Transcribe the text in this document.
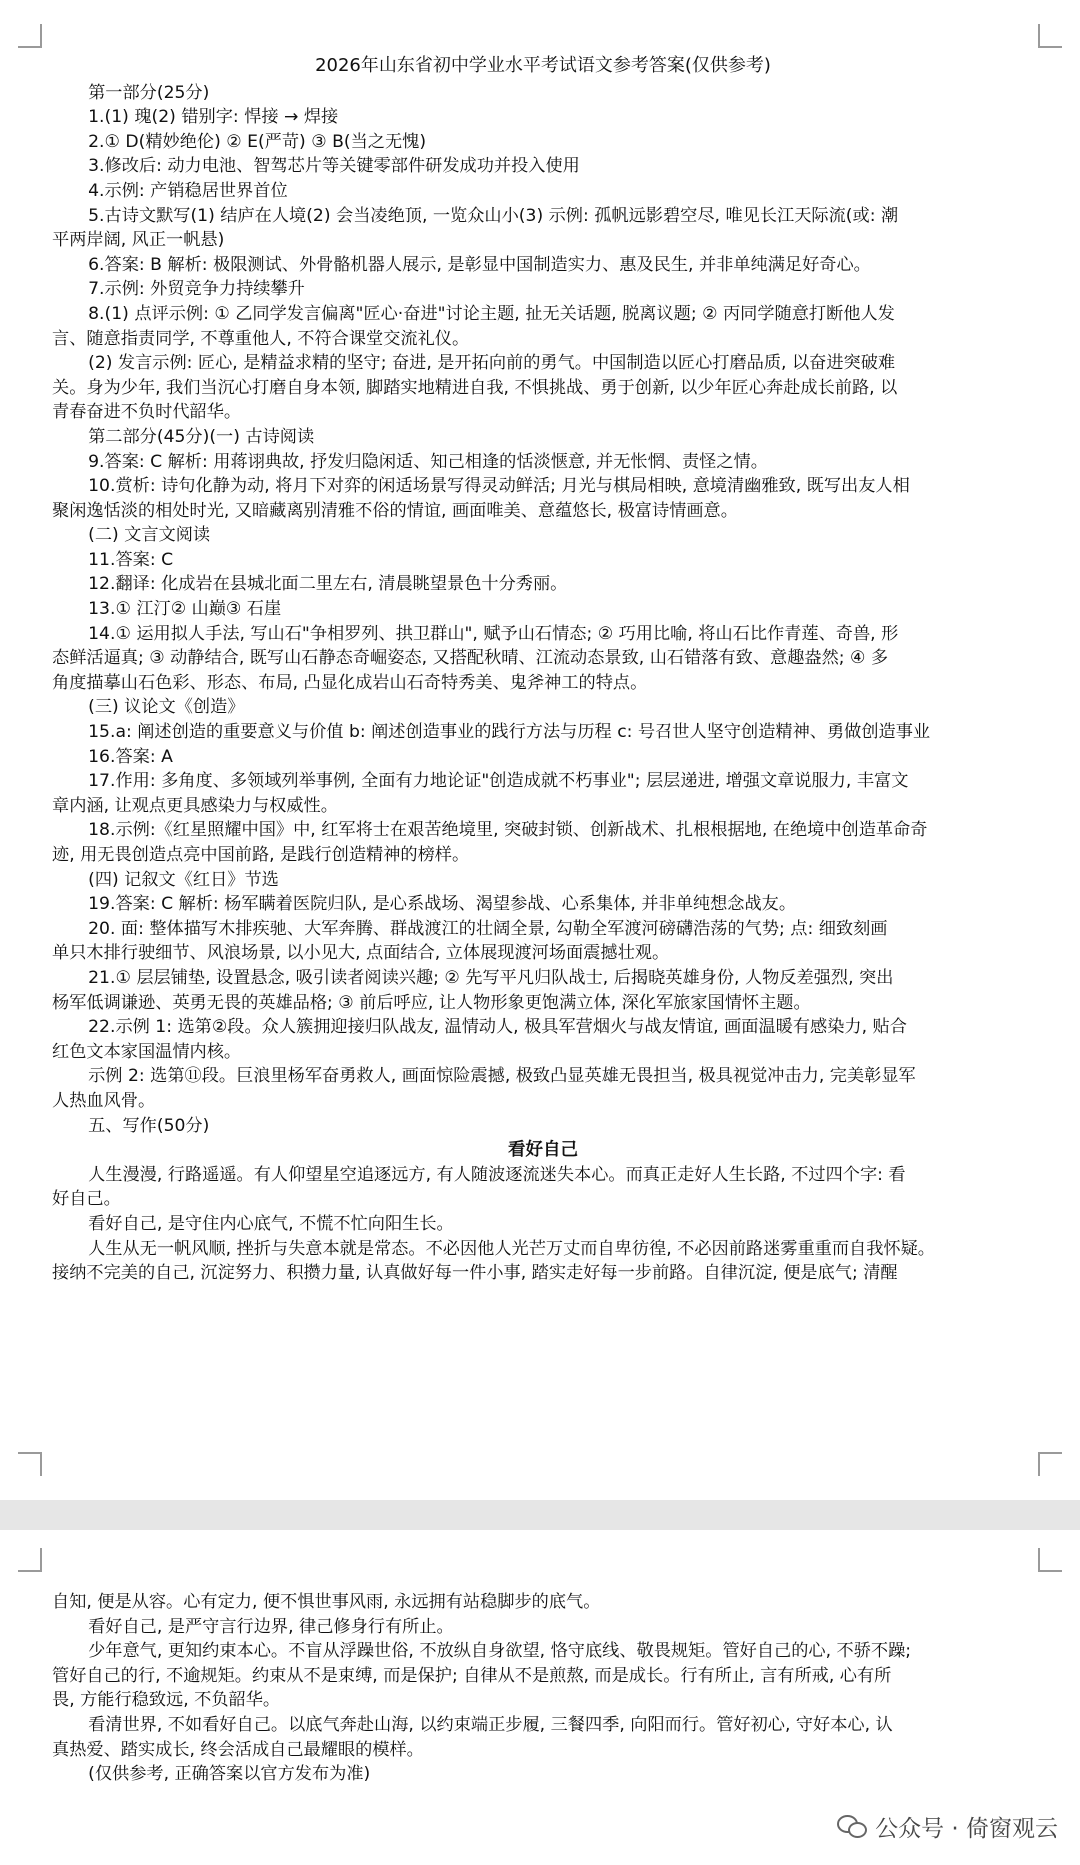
2026年山东省初中学业水平考试语文参考答案(仅供参考)

第一部分(25分)

1.(1) 瑰(2) 错别字: 悍接 → 焊接

2.① D(精妙绝伦) ② E(严苛) ③ B(当之无愧)

3.修改后: 动力电池、智驾芯片等关键零部件研发成功并投入使用

4.示例: 产销稳居世界首位

5.古诗文默写(1) 结庐在人境(2) 会当凌绝顶, 一览众山小(3) 示例: 孤帆远影碧空尽, 唯见长江天际流(或: 潮

平两岸阔, 风正一帆悬)

6.答案: B 解析: 极限测试、外骨骼机器人展示, 是彰显中国制造实力、惠及民生, 并非单纯满足好奇心。

7.示例: 外贸竞争力持续攀升

8.(1) 点评示例: ① 乙同学发言偏离"匠心·奋进"讨论主题, 扯无关话题, 脱离议题; ② 丙同学随意打断他人发

言、随意指责同学, 不尊重他人, 不符合课堂交流礼仪。

(2) 发言示例: 匠心, 是精益求精的坚守; 奋进, 是开拓向前的勇气。中国制造以匠心打磨品质, 以奋进突破难

关。身为少年, 我们当沉心打磨自身本领, 脚踏实地精进自我, 不惧挑战、勇于创新, 以少年匠心奔赴成长前路, 以

青春奋进不负时代韶华。

第二部分(45分)(一) 古诗阅读

9.答案: C 解析: 用蒋诩典故, 抒发归隐闲适、知己相逢的恬淡惬意, 并无怅惘、责怪之情。

10.赏析: 诗句化静为动, 将月下对弈的闲适场景写得灵动鲜活; 月光与棋局相映, 意境清幽雅致, 既写出友人相

聚闲逸恬淡的相处时光, 又暗藏离别清雅不俗的情谊, 画面唯美、意蕴悠长, 极富诗情画意。

(二) 文言文阅读

11.答案: C

12.翻译: 化成岩在县城北面二里左右, 清晨眺望景色十分秀丽。

13.① 江汀② 山巅③ 石崖

14.① 运用拟人手法, 写山石"争相罗列、拱卫群山", 赋予山石情态; ② 巧用比喻, 将山石比作青莲、奇兽, 形

态鲜活逼真; ③ 动静结合, 既写山石静态奇崛姿态, 又搭配秋晴、江流动态景致, 山石错落有致、意趣盎然; ④ 多

角度描摹山石色彩、形态、布局, 凸显化成岩山石奇特秀美、鬼斧神工的特点。

(三) 议论文《创造》

15.a: 阐述创造的重要意义与价值 b: 阐述创造事业的践行方法与历程 c: 号召世人坚守创造精神、勇做创造事业

16.答案: A

17.作用: 多角度、多领域列举事例, 全面有力地论证"创造成就不朽事业"; 层层递进, 增强文章说服力, 丰富文

章内涵, 让观点更具感染力与权威性。

18.示例:《红星照耀中国》中, 红军将士在艰苦绝境里, 突破封锁、创新战术、扎根根据地, 在绝境中创造革命奇

迹, 用无畏创造点亮中国前路, 是践行创造精神的榜样。

(四) 记叙文《红日》节选

19.答案: C 解析: 杨军瞒着医院归队, 是心系战场、渴望参战、心系集体, 并非单纯想念战友。

20. 面: 整体描写木排疾驰、大军奔腾、群战渡江的壮阔全景, 勾勒全军渡河磅礴浩荡的气势; 点: 细致刻画

单只木排行驶细节、风浪场景, 以小见大, 点面结合, 立体展现渡河场面震撼壮观。

21.① 层层铺垫, 设置悬念, 吸引读者阅读兴趣; ② 先写平凡归队战士, 后揭晓英雄身份, 人物反差强烈, 突出

杨军低调谦逊、英勇无畏的英雄品格; ③ 前后呼应, 让人物形象更饱满立体, 深化军旅家国情怀主题。

22.示例 1: 选第②段。众人簇拥迎接归队战友, 温情动人, 极具军营烟火与战友情谊, 画面温暖有感染力, 贴合

红色文本家国温情内核。

示例 2: 选第⑪段。巨浪里杨军奋勇救人, 画面惊险震撼, 极致凸显英雄无畏担当, 极具视觉冲击力, 完美彰显军

人热血风骨。

五、写作(50分)

看好自己

人生漫漫, 行路遥遥。有人仰望星空追逐远方, 有人随波逐流迷失本心。而真正走好人生长路, 不过四个字: 看

好自己。

看好自己, 是守住内心底气, 不慌不忙向阳生长。

人生从无一帆风顺, 挫折与失意本就是常态。不必因他人光芒万丈而自卑彷徨, 不必因前路迷雾重重而自我怀疑。

接纳不完美的自己, 沉淀努力、积攒力量, 认真做好每一件小事, 踏实走好每一步前路。自律沉淀, 便是底气; 清醒

自知, 便是从容。心有定力, 便不惧世事风雨, 永远拥有站稳脚步的底气。

看好自己, 是严守言行边界, 律己修身行有所止。

少年意气, 更知约束本心。不盲从浮躁世俗, 不放纵自身欲望, 恪守底线、敬畏规矩。管好自己的心, 不骄不躁;

管好自己的行, 不逾规矩。约束从不是束缚, 而是保护; 自律从不是煎熬, 而是成长。行有所止, 言有所戒, 心有所

畏, 方能行稳致远, 不负韶华。

看清世界, 不如看好自己。以底气奔赴山海, 以约束端正步履, 三餐四季, 向阳而行。管好初心, 守好本心, 认

真热爱、踏实成长, 终会活成自己最耀眼的模样。

(仅供参考, 正确答案以官方发布为准)

公众号 · 倚窗观云
